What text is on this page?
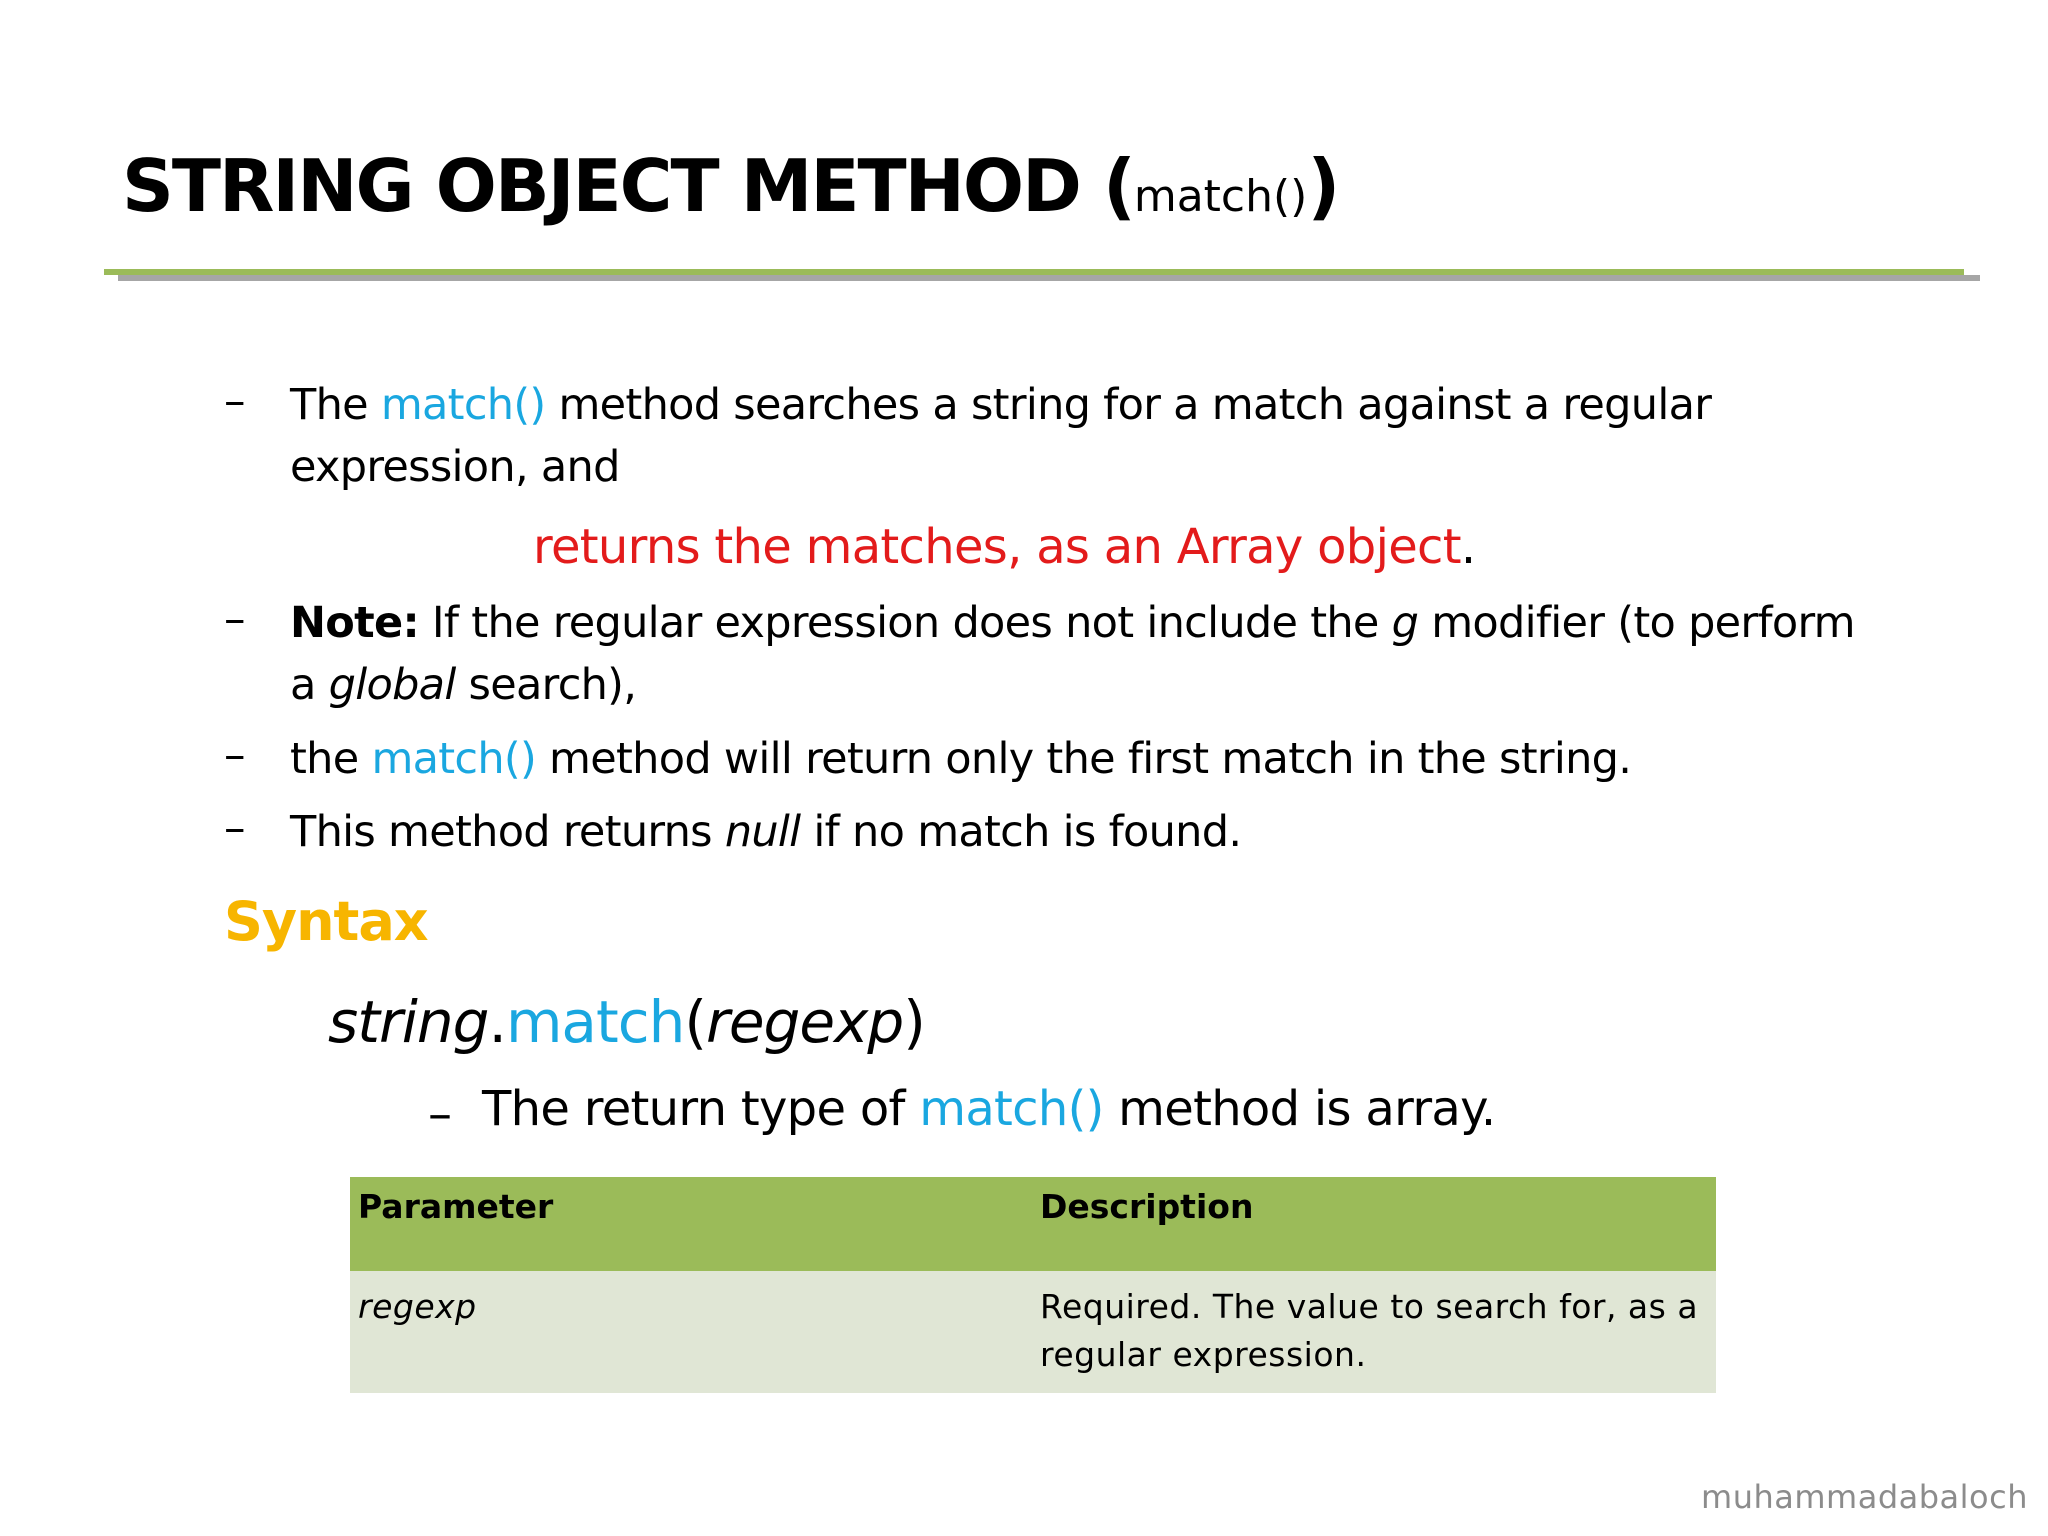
STRING OBJECT METHOD (match())
– The match() method searches a string for a match against a regular
expression, and
returns the matches, as an Array object.
– Note: If the regular expression does not include the g modifier (to perform
a global search),
– the match() method will return only the first match in the string.
– This method returns null if no match is found.
Syntax
string.match(regexp)
– The return type of match() method is array.
Parameter	Description
regexp	Required. The value to search for, as a regular expression.
muhammadabaloch
